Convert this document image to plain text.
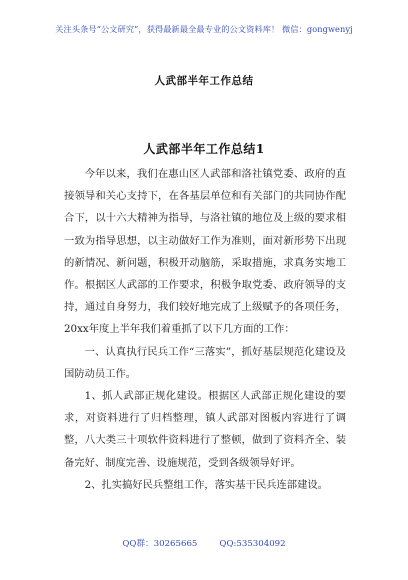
关注头条号“公文研究”，获得最新最全最专业的公文资料库！ 微信：gongwenyj
人武部半年工作总结
人武部半年工作总结1

今年以来，我们在惠山区人武部和洛社镇党委、政府的直接领导和关心支持下，在各基层单位和有关部门的共同协作配合下，以十六大精神为指导，与洛社镇的地位及上级的要求相一致为指导思想，以主动做好工作为准则，面对新形势下出现的新情况、新问题，积极开动脑筋，采取措施，求真务实地工作。根据区人武部的工作要求，积极争取党委、政府领导的支持，通过自身努力，我们较好地完成了上级赋予的各项任务，20xx年度上半年我们着重抓了以下几方面的工作：

一、认真执行民兵工作“三落实”，抓好基层规范化建设及国防动员工作。

1、抓人武部正规化建设。根据区人武部正规化建设的要求，对资料进行了归档整理，镇人武部对图板内容进行了调整，八大类三十项软件资料进行了整顿，做到了资料齐全、装备完好、制度完善、设施规范，受到各级领导好评。

2、扎实搞好民兵整组工作，落实基干民兵连部建设。

QQ群：30265665	QQ:535304092
